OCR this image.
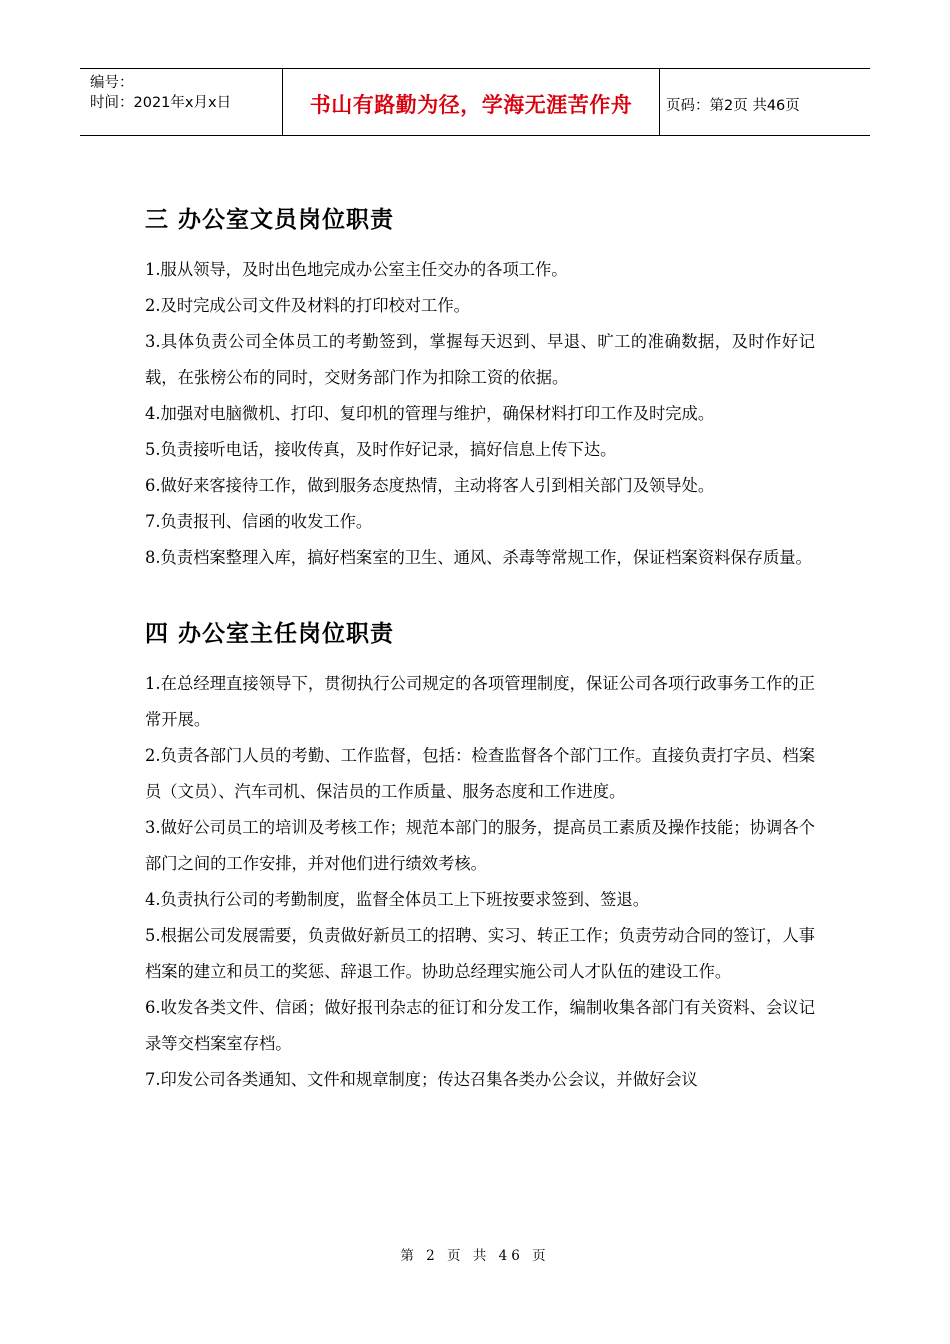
编号：
时间：2021年x月x日	书山有路勤为径，学海无涯苦作舟	页码：第2页 共46页
三 办公室文员岗位职责

1.服从领导，及时出色地完成办公室主任交办的各项工作。

2.及时完成公司文件及材料的打印校对工作。

3.具体负责公司全体员工的考勤签到，掌握每天迟到、早退、旷工的准确数据，及时作好记载，在张榜公布的同时，交财务部门作为扣除工资的依据。

4.加强对电脑微机、打印、复印机的管理与维护，确保材料打印工作及时完成。

5.负责接听电话，接收传真，及时作好记录，搞好信息上传下达。

6.做好来客接待工作，做到服务态度热情，主动将客人引到相关部门及领导处。

7.负责报刊、信函的收发工作。

8.负责档案整理入库，搞好档案室的卫生、通风、杀毒等常规工作，保证档案资料保存质量。

四 办公室主任岗位职责

1.在总经理直接领导下，贯彻执行公司规定的各项管理制度，保证公司各项行政事务工作的正常开展。

2.负责各部门人员的考勤、工作监督，包括：检查监督各个部门工作。直接负责打字员、档案员（文员）、汽车司机、保洁员的工作质量、服务态度和工作进度。

3.做好公司员工的培训及考核工作；规范本部门的服务，提高员工素质及操作技能；协调各个部门之间的工作安排，并对他们进行绩效考核。

4.负责执行公司的考勤制度，监督全体员工上下班按要求签到、签退。

5.根据公司发展需要，负责做好新员工的招聘、实习、转正工作；负责劳动合同的签订，人事档案的建立和员工的奖惩、辞退工作。协助总经理实施公司人才队伍的建设工作。

6.收发各类文件、信函；做好报刊杂志的征订和分发工作，编制收集各部门有关资料、会议记录等交档案室存档。

7.印发公司各类通知、文件和规章制度；传达召集各类办公会议，并做好会议

第 2 页 共 46 页
